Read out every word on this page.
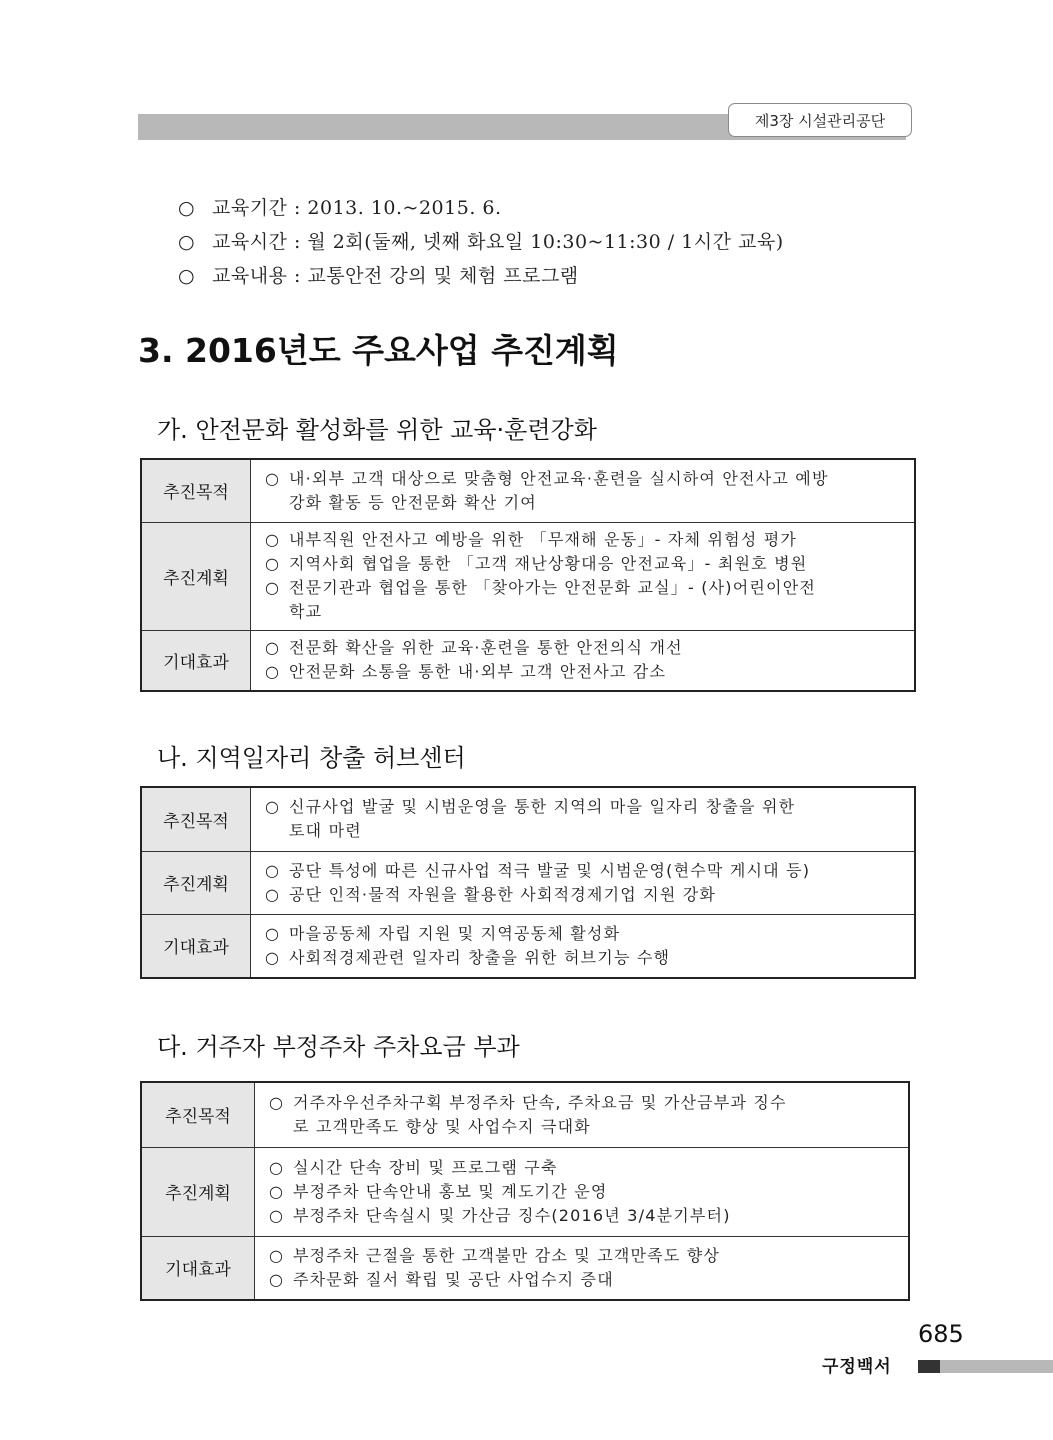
제3장 시설관리공단
○ 교육기간 : 2013. 10.~2015. 6.
○ 교육시간 : 월 2회(둘째, 넷째 화요일 10:30~11:30 / 1시간 교육)
○ 교육내용 : 교통안전 강의 및 체험 프로그램
3. 2016년도 주요사업 추진계획
가. 안전문화 활성화를 위한 교육·훈련강화
추진목적	○ 내·외부 고객 대상으로 맞춤형 안전교육·훈련을 실시하여 안전사고 예방
강화 활동 등 안전문화 확산 기여

추진계획	○ 내부직원 안전사고 예방을 위한 「무재해 운동」- 자체 위험성 평가
○ 지역사회 협업을 통한 「고객 재난상황대응 안전교육」- 최원호 병원
○ 전문기관과 협업을 통한 「찾아가는 안전문화 교실」- (사)어린이안전
학교

기대효과	○ 전문화 확산을 위한 교육·훈련을 통한 안전의식 개선
○ 안전문화 소통을 통한 내·외부 고객 안전사고 감소
나. 지역일자리 창출 허브센터
추진목적	○ 신규사업 발굴 및 시범운영을 통한 지역의 마을 일자리 창출을 위한
토대 마련

추진계획	○ 공단 특성에 따른 신규사업 적극 발굴 및 시범운영(현수막 게시대 등)
○ 공단 인적·물적 자원을 활용한 사회적경제기업 지원 강화

기대효과	○ 마을공동체 자립 지원 및 지역공동체 활성화
○ 사회적경제관련 일자리 창출을 위한 허브기능 수행
다. 거주자 부정주차 주차요금 부과
추진목적	○ 거주자우선주차구획 부정주차 단속, 주차요금 및 가산금부과 징수
로 고객만족도 향상 및 사업수지 극대화

추진계획	○ 실시간 단속 장비 및 프로그램 구축
○ 부정주차 단속안내 홍보 및 계도기간 운영
○ 부정주차 단속실시 및 가산금 징수(2016년 3/4분기부터)

기대효과	○ 부정주차 근절을 통한 고객불만 감소 및 고객만족도 향상
○ 주차문화 질서 확립 및 공단 사업수지 증대
685
구정백서
